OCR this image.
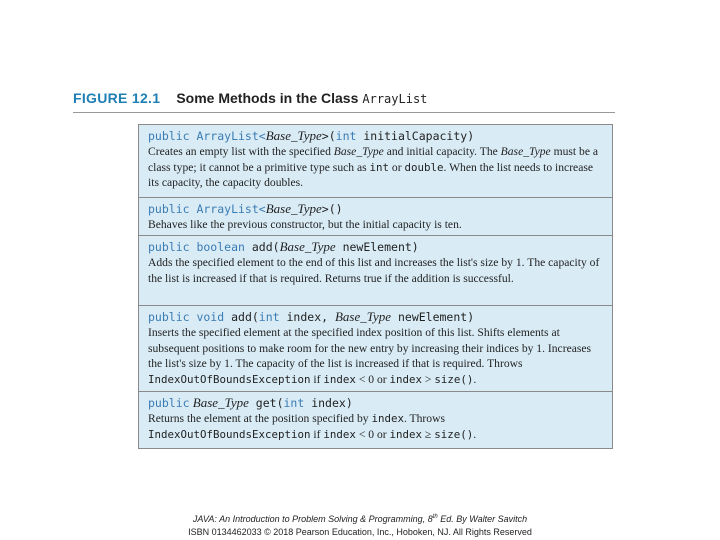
FIGURE 12.1 Some Methods in the Class ArrayList
public ArrayList<Base_Type>(int initialCapacity)
Creates an empty list with the specified Base_Type and initial capacity. The Base_Type must be a class type; it cannot be a primitive type such as int or double. When the list needs to increase its capacity, the capacity doubles.
public ArrayList<Base_Type>()
Behaves like the previous constructor, but the initial capacity is ten.
public boolean add(Base_Type newElement)
Adds the specified element to the end of this list and increases the list's size by 1. The capacity of the list is increased if that is required. Returns true if the addition is successful.
public void add(int index, Base_Type newElement)
Inserts the specified element at the specified index position of this list. Shifts elements at subsequent positions to make room for the new entry by increasing their indices by 1. Increases the list's size by 1. The capacity of the list is increased if that is required. Throws IndexOutOfBoundsException if index < 0 or index > size().
public Base_Type get(int index)
Returns the element at the position specified by index. Throws IndexOutOfBoundsException if index < 0 or index ≥ size().
JAVA: An Introduction to Problem Solving & Programming, 8th Ed. By Walter Savitch
ISBN 0134462033 © 2018 Pearson Education, Inc., Hoboken, NJ. All Rights Reserved
